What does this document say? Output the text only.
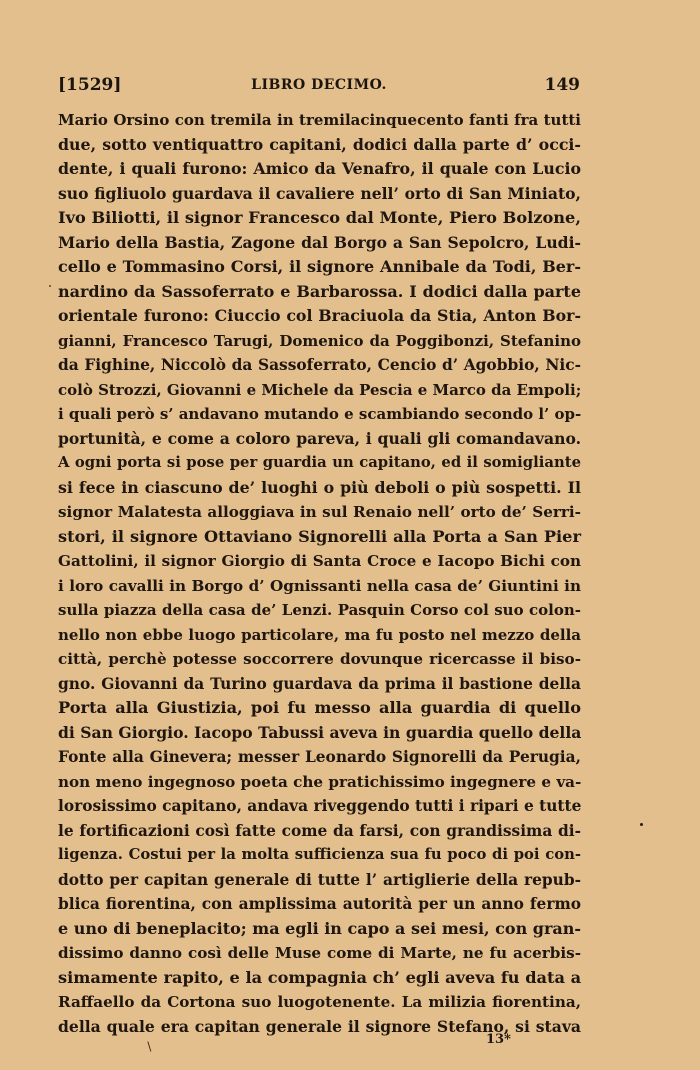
[1529]	LIBRO DECIMO.	149
Mario Orsino con tremila in tremilacinquecento fanti fra tutti
due, sotto ventiquattro capitani, dodici dalla parte d’ occi-
dente, i quali furono: Amico da Venafro, il quale con Lucio
suo figliuolo guardava il cavaliere nell’ orto di San Miniato,
Ivo Biliotti, il signor Francesco dal Monte, Piero Bolzone,
Mario della Bastia, Zagone dal Borgo a San Sepolcro, Ludi-
cello e Tommasino Corsi, il signore Annibale da Todi, Ber-
nardino da Sassoferrato e Barbarossa. I dodici dalla parte
orientale furono: Ciuccio col Braciuola da Stia, Anton Bor-
gianni, Francesco Tarugi, Domenico da Poggibonzi, Stefanino
da Fighine, Niccolò da Sassoferrato, Cencio d’ Agobbio, Nic-
colò Strozzi, Giovanni e Michele da Pescia e Marco da Empoli;
i quali però s’ andavano mutando e scambiando secondo l’ op-
portunità, e come a coloro pareva, i quali gli comandavano.
A ogni porta si pose per guardia un capitano, ed il somigliante
si fece in ciascuno de’ luoghi o più deboli o più sospetti. Il
signor Malatesta alloggiava in sul Renaio nell’ orto de’ Serri-
stori, il signore Ottaviano Signorelli alla Porta a San Pier
Gattolini, il signor Giorgio di Santa Croce e Iacopo Bichi con
i loro cavalli in Borgo d’ Ognissanti nella casa de’ Giuntini in
sulla piazza della casa de’ Lenzi. Pasquin Corso col suo colon-
nello non ebbe luogo particolare, ma fu posto nel mezzo della
città, perchè potesse soccorrere dovunque ricercasse il biso-
gno. Giovanni da Turino guardava da prima il bastione della
Porta alla Giustizia, poi fu messo alla guardia di quello
di San Giorgio. Iacopo Tabussi aveva in guardia quello della
Fonte alla Ginevera; messer Leonardo Signorelli da Perugia,
non meno ingegnoso poeta che pratichissimo ingegnere e va-
lorosissimo capitano, andava riveggendo tutti i ripari e tutte
le fortificazioni così fatte come da farsi, con grandissima di-
ligenza. Costui per la molta sufficienza sua fu poco di poi con-
dotto per capitan generale di tutte l’ artiglierie della repub-
blica fiorentina, con amplissima autorità per un anno fermo
e uno di beneplacito; ma egli in capo a sei mesi, con gran-
dissimo danno così delle Muse come di Marte, ne fu acerbis-
simamente rapito, e la compagnia ch’ egli aveva fu data a
Raffaello da Cortona suo luogotenente. La milizia fiorentina,
della quale era capitan generale il signore Stefano, si stava
13*
∖
